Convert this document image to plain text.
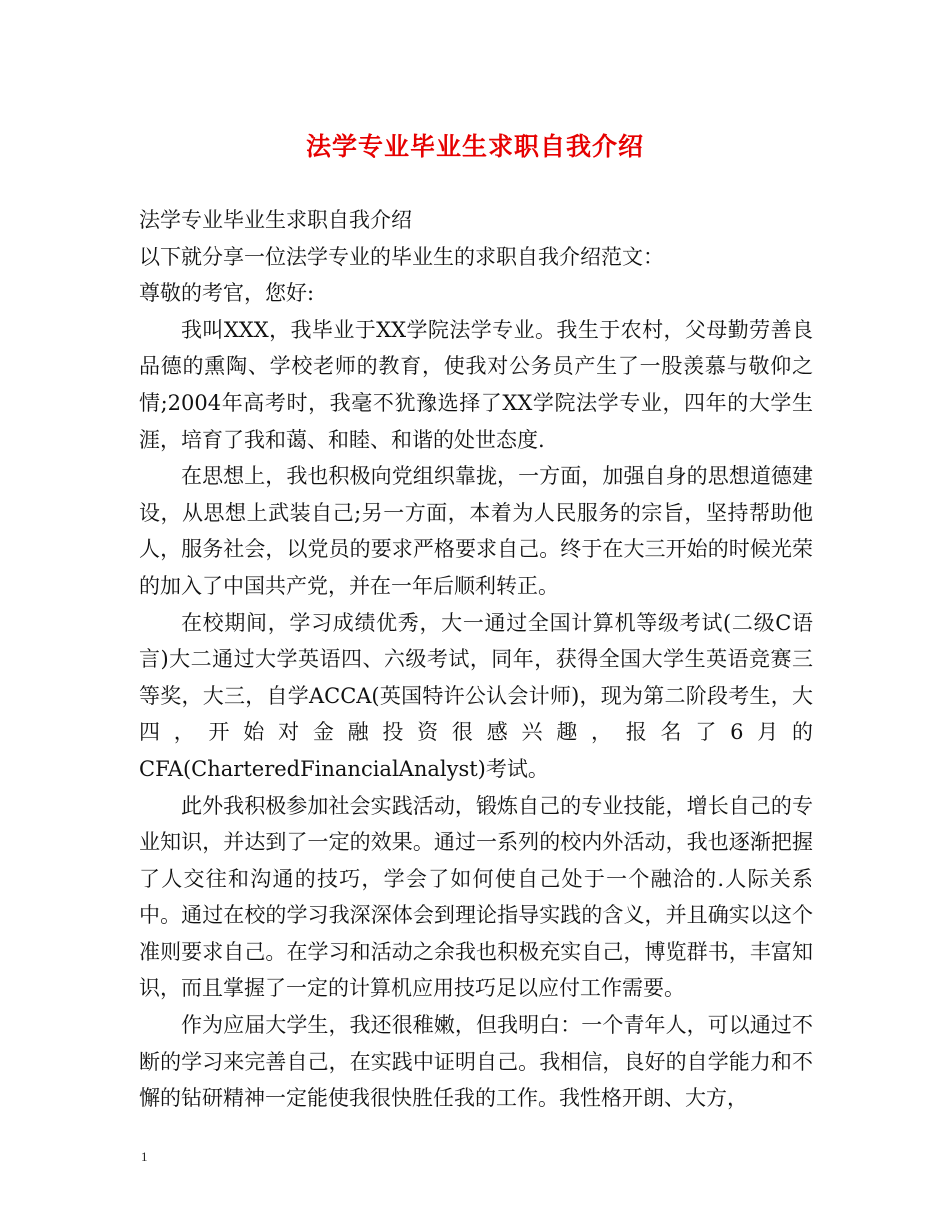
法学专业毕业生求职自我介绍
法学专业毕业生求职自我介绍
以下就分享一位法学专业的毕业生的求职自我介绍范文：
尊敬的考官，您好:

我叫XXX，我毕业于XX学院法学专业。我生于农村，父母勤劳善良品德的熏陶、学校老师的教育，使我对公务员产生了一股羡慕与敬仰之情;2004年高考时，我毫不犹豫选择了XX学院法学专业，四年的大学生涯，培育了我和蔼、和睦、和谐的处世态度.

在思想上，我也积极向党组织靠拢，一方面，加强自身的思想道德建设，从思想上武装自己;另一方面，本着为人民服务的宗旨，坚持帮助他人，服务社会，以党员的要求严格要求自己。终于在大三开始的时候光荣的加入了中国共产党，并在一年后顺利转正。

在校期间，学习成绩优秀，大一通过全国计算机等级考试(二级C语言)大二通过大学英语四、六级考试，同年，获得全国大学生英语竞赛三等奖，大三，自学ACCA(英国特许公认会计师)，现为第二阶段考生，大四，开始对金融投资很感兴趣，报名了6月的CFA(CharteredFinancialAnalyst)考试。

此外我积极参加社会实践活动，锻炼自己的专业技能，增长自己的专业知识，并达到了一定的效果。通过一系列的校内外活动，我也逐渐把握了人交往和沟通的技巧，学会了如何使自己处于一个融洽的.人际关系中。通过在校的学习我深深体会到理论指导实践的含义，并且确实以这个准则要求自己。在学习和活动之余我也积极充实自己，博览群书，丰富知识，而且掌握了一定的计算机应用技巧足以应付工作需要。

作为应届大学生，我还很稚嫩，但我明白：一个青年人，可以通过不断的学习来完善自己，在实践中证明自己。我相信，良好的自学能力和不懈的钻研精神一定能使我很快胜任我的工作。我性格开朗、大方，

1
